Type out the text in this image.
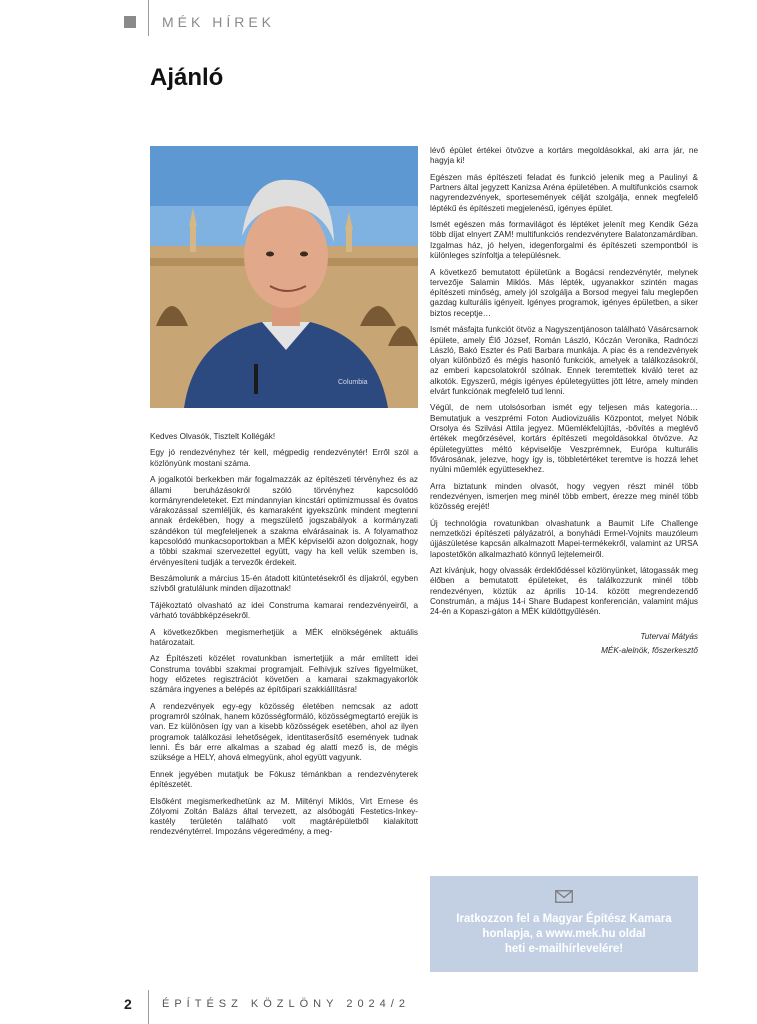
MÉK HÍREK
Ajánló
Columbia

Kedves Olvasók, Tisztelt Kollégák!

Egy jó rendezvényhez tér kell, mégpedig rendezvénytér! Erről szól a közlönyünk mostani száma.

A jogalkotói berkekben már fogalmazzák az építészeti térvényhez és az állami beruházásokról szóló törvényhez kapcsolódó kormányrendeleteket. Ezt mindannyian kincstári optimizmussal és óvatos várakozással szemléljük, és kamaraként igyekszünk mindent megtenni annak érdekében, hogy a megszülető jogszabályok a kormányzati szándékon túl megfeleljenek a szakma elvárásainak is. A folyamathoz kapcsolódó munkacsoportokban a MÉK képviselői azon dolgoznak, hogy a többi szakmai szervezettel együtt, vagy ha kell velük szemben is, érvényesíteni tudják a tervezők érdekeit.

Beszámolunk a március 15-én átadott kitüntetésekről és díjakról, egyben szívből gratulálunk minden díjazottnak!

Tájékoztató olvasható az idei Construma kamarai rendezvényeiről, a várható továbbképzésekről.

A következőkben megismerhetjük a MÉK elnökségének aktuális határozatait.

Az Építészeti közélet rovatunkban ismertetjük a már említett idei Construma további szakmai programjait. Felhívjuk szíves figyelmüket, hogy előzetes regisztrációt követően a kamarai szakmagyakorlók számára ingyenes a belépés az építőipari szakkiállításra!

A rendezvények egy-egy közösség életében nemcsak az adott programról szólnak, hanem közösségformáló, közösségmegtartó erejük is van. Ez különösen így van a kisebb közösségek esetében, ahol az ilyen programok találkozási lehetőségek, identitaserősítő események tudnak lenni. És bár erre alkalmas a szabad ég alatti mező is, de mégis szüksége a HELY, ahová elmegyünk, ahol együtt vagyunk.

Ennek jegyében mutatjuk be Fókusz témánkban a rendezvényterek építészetét.

Elsőként megismerkedhetünk az M. Miltényi Miklós, Virt Ernese és Zólyomi Zoltán Balázs által tervezett, az alsóbogáti Festetics-Inkey-kastély területén található volt magtárépületből kialakított rendezvénytérrel. Impozáns végeredmény, a meg-

lévő épület értékei ötvözve a kortárs megoldásokkal, aki arra jár, ne hagyja ki!

Egészen más építészeti feladat és funkció jelenik meg a Paulinyi & Partners által jegyzett Kanizsa Aréna épületében. A multifunkciós csarnok nagyrendezvények, sportesemények célját szolgálja, ennek megfelelő léptékű és építészeti megjelenésű, igényes épület.

Ismét egészen más formavilágot és léptéket jelenít meg Kendik Géza több díjat elnyert ZAM! multifunkciós rendezvénytere Balatonzamárdiban. Izgalmas ház, jó helyen, idegenforgalmi és építészeti szempontból is különleges színfoltja a településnek.

A következő bemutatott épületünk a Bogácsi rendezvénytér, melynek tervezője Salamin Miklós. Más lépték, ugyanakkor szintén magas építészeti minőség, amely jól szolgálja a Borsod megyei falu meglepően gazdag kulturális igényeit. Igényes programok, igényes épületben, a siker biztos receptje…

Ismét másfajta funkciót ötvöz a Nagyszentjánoson található Vásárcsarnok épülete, amely Élő József, Román László, Kóczán Veronika, Radnóczi László, Bakó Eszter és Pati Barbara munkája. A piac és a rendezvények olyan különböző és mégis hasonló funkciók, amelyek a találkozásokról, az emberi kapcsolatokról szólnak. Ennek teremtettek kiváló teret az alkotók. Egyszerű, mégis igényes épületegyüttes jött létre, amely minden elvárt funkciónak megfelelő tud lenni.

Végül, de nem utolsósorban ismét egy teljesen más kategoria… Bemutatjuk a veszprémi Foton Audiovizuális Központot, melyet Nóbik Orsolya és Szilvási Attila jegyez. Műemlékfelújítás, -bővítés a meglévő értékek megőrzésével, kortárs építészeti megoldásokkal ötvözve. Az épületegyüttes méltó képviselője Veszprémnek, Európa kulturális fővárosának, jelezve, hogy így is, többletértéket teremtve is hozzá lehet nyúlni műemlék együttesekhez.

Arra biztatunk minden olvasót, hogy vegyen részt minél több rendezvényen, ismerjen meg minél több embert, érezze meg minél több közösség erejét!

Új technológia rovatunkban olvashatunk a Baumit Life Challenge nemzetközi építészeti pályázatról, a bonyhádi Ermel-Vojnits mauzóleum újjászületése kapcsán alkalmazott Mapei-termékekről, valamint az URSA lapostetőkön alkalmazható könnyű lejtelemeiről.

Azt kívánjuk, hogy olvassák érdeklődéssel közlönyünket, látogassák meg élőben a bemutatott épületeket, és találkozzunk minél több rendezvényen, köztük az április 10-14. között megrendezendő Construmán, a május 14-i Share Budapest konferencián, valamint május 24-én a Kopaszi-gáton a MÉK küldöttgyűlésén.

Tutervai Mátyás

MÉK-alelnök, főszerkesztő

Iratkozzon fel a Magyar Építész Kamara
honlapja, a www.mek.hu oldal
heti e-mailhírlevelére!
2	ÉPÍTÉSZ KÖZLÖNY 2024/2
